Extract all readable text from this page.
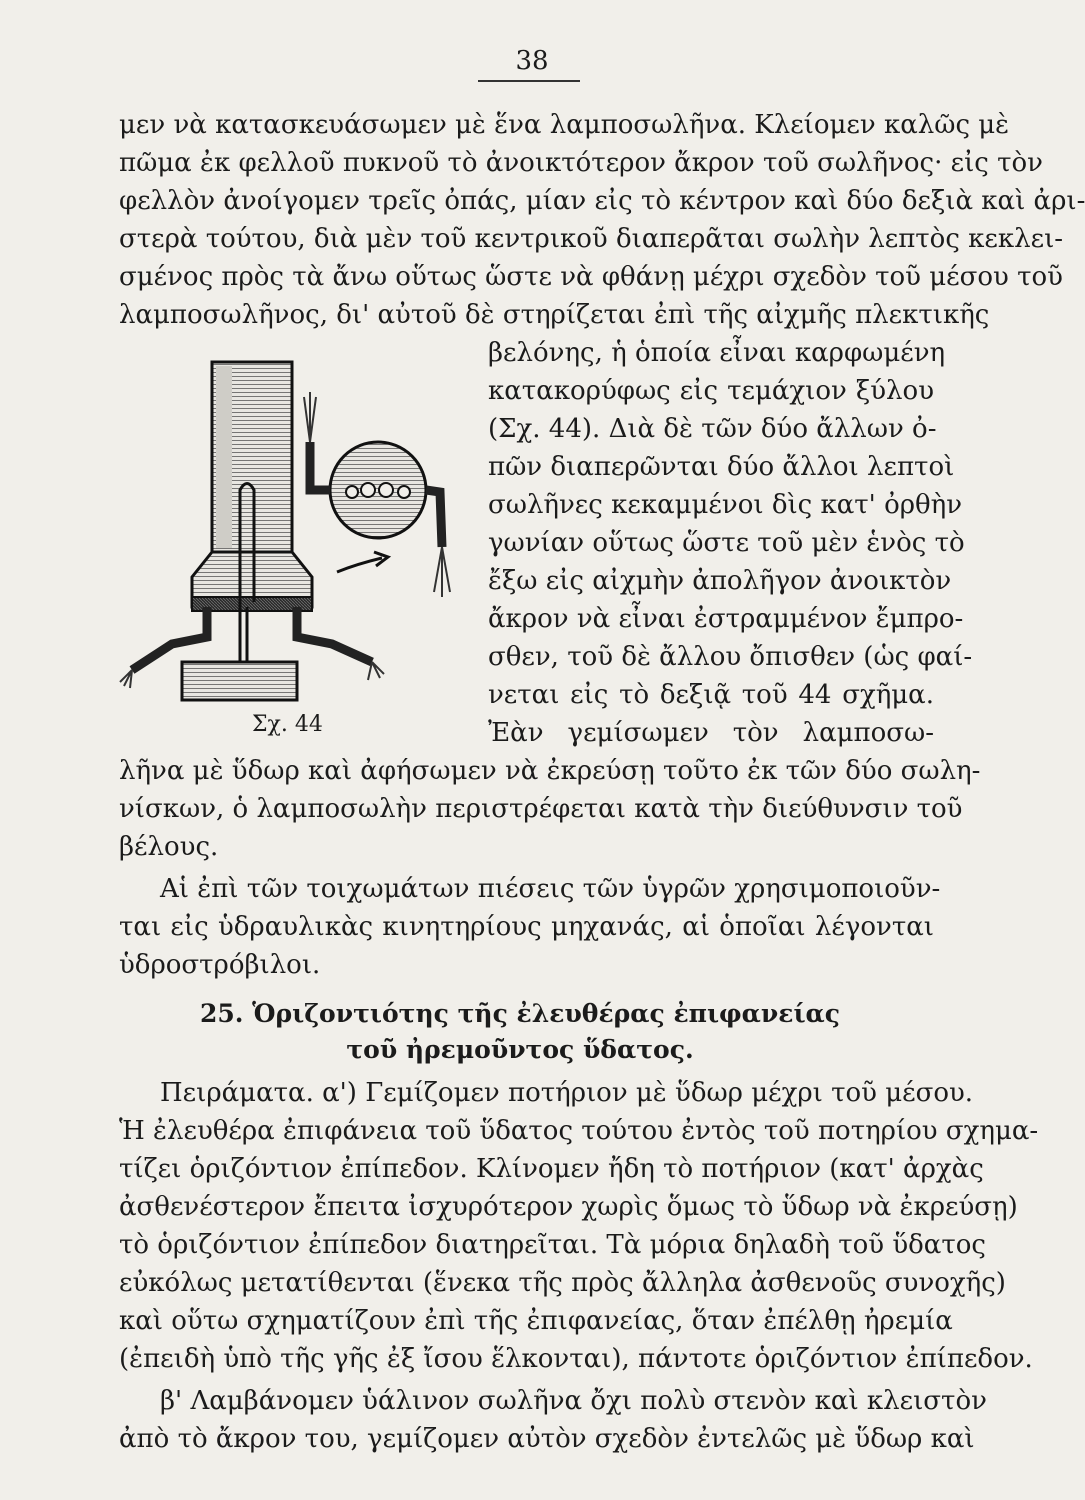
38
μεν νὰ κατασκευάσωμεν μὲ ἕνα λαμποσωλῆνα. Κλείομεν καλῶς μὲ
πῶμα ἐκ φελλοῦ πυκνοῦ τὸ ἀνοικτότερον ἄκρον τοῦ σωλῆνος· εἰς τὸν
φελλὸν ἀνοίγομεν τρεῖς ὀπάς, μίαν εἰς τὸ κέντρον καὶ δύο δεξιὰ καὶ ἀρι-
στερὰ τούτου, διὰ μὲν τοῦ κεντρικοῦ διαπερᾶται σωλὴν λεπτὸς κεκλει-
σμένος πρὸς τὰ ἄνω οὕτως ὥστε νὰ φθάνῃ μέχρι σχεδὸν τοῦ μέσου τοῦ
λαμποσωλῆνος, δι' αὐτοῦ δὲ στηρίζεται ἐπὶ τῆς αἰχμῆς πλεκτικῆς
βελόνης, ἡ ὁποία εἶναι καρφωμένη
κατακορύφως εἰς τεμάχιον ξύλου
(Σχ. 44). Διὰ δὲ τῶν δύο ἄλλων ὀ-
πῶν διαπερῶνται δύο ἄλλοι λεπτοὶ
σωλῆνες κεκαμμένοι δὶς κατ' ὀρθὴν
γωνίαν οὕτως ὥστε τοῦ μὲν ἑνὸς τὸ
ἔξω εἰς αἰχμὴν ἀπολῆγον ἀνοικτὸν
ἄκρον νὰ εἶναι ἐστραμμένον ἔμπρο-
σθεν, τοῦ δὲ ἄλλου ὄπισθεν (ὡς φαί-
νεται εἰς τὸ δεξιᾷ τοῦ 44 σχῆμα.
Ἐὰν γεμίσωμεν τὸν λαμποσω-
Σχ. 44
λῆνα μὲ ὕδωρ καὶ ἀφήσωμεν νὰ ἐκρεύσῃ τοῦτο ἐκ τῶν δύο σωλη-
νίσκων, ὁ λαμποσωλὴν περιστρέφεται κατὰ τὴν διεύθυνσιν τοῦ
βέλους.
Αἱ ἐπὶ τῶν τοιχωμάτων πιέσεις τῶν ὑγρῶν χρησιμοποιοῦν-
ται εἰς ὑδραυλικὰς κινητηρίους μηχανάς, αἱ ὁποῖαι λέγονται
ὑδροστρόβιλοι.
25. Ὁριζοντιότης τῆς ἐλευθέρας ἐπιφανείας
τοῦ ἠρεμοῦντος ὕδατος.
Πειράματα. α') Γεμίζομεν ποτήριον μὲ ὕδωρ μέχρι τοῦ μέσου.
Ἡ ἐλευθέρα ἐπιφάνεια τοῦ ὕδατος τούτου ἐντὸς τοῦ ποτηρίου σχημα-
τίζει ὁριζόντιον ἐπίπεδον. Κλίνομεν ἤδη τὸ ποτήριον (κατ' ἀρχὰς
ἀσθενέστερον ἔπειτα ἰσχυρότερον χωρὶς ὅμως τὸ ὕδωρ νὰ ἐκρεύσῃ)
τὸ ὁριζόντιον ἐπίπεδον διατηρεῖται. Τὰ μόρια δηλαδὴ τοῦ ὕδατος
εὐκόλως μετατίθενται (ἕνεκα τῆς πρὸς ἄλληλα ἀσθενοῦς συνοχῆς)
καὶ οὕτω σχηματίζουν ἐπὶ τῆς ἐπιφανείας, ὅταν ἐπέλθῃ ἠρεμία
(ἐπειδὴ ὑπὸ τῆς γῆς ἐξ ἴσου ἕλκονται), πάντοτε ὁριζόντιον ἐπίπεδον.
β' Λαμβάνομεν ὑάλινον σωλῆνα ὄχι πολὺ στενὸν καὶ κλειστὸν
ἀπὸ τὸ ἄκρον του, γεμίζομεν αὐτὸν σχεδὸν ἐντελῶς μὲ ὕδωρ καὶ
